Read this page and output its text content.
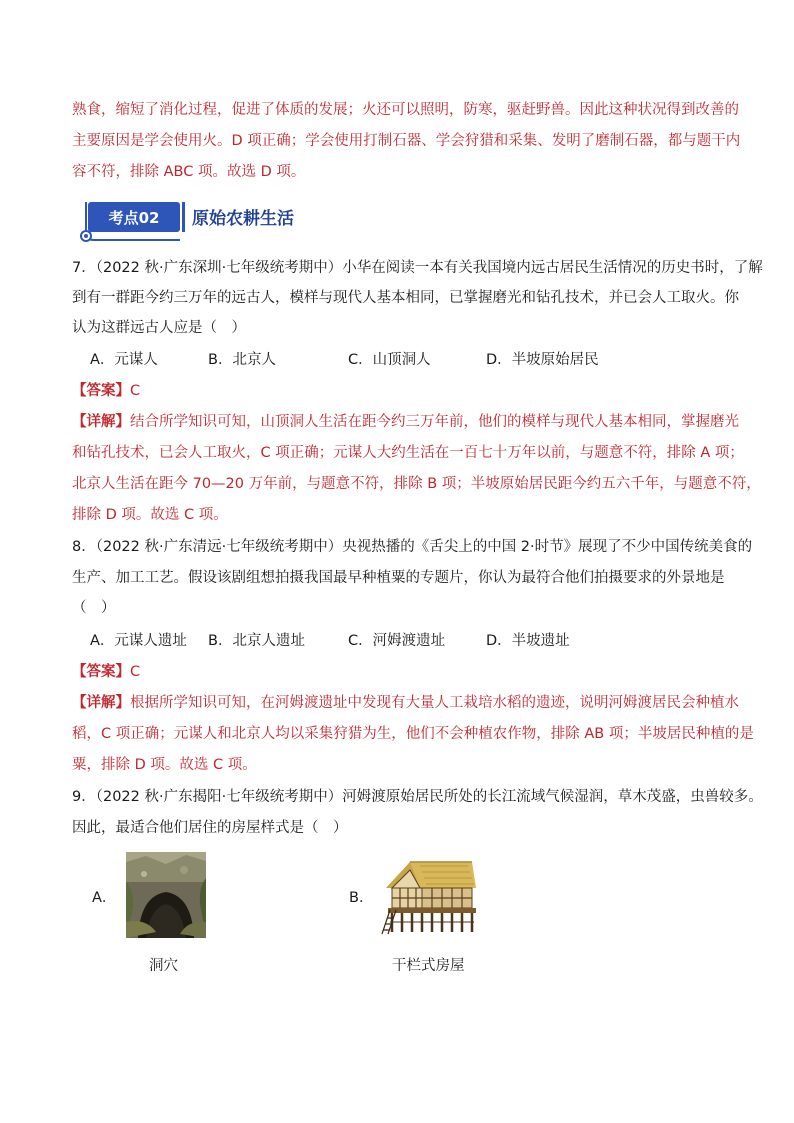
熟食，缩短了消化过程，促进了体质的发展；火还可以照明，防寒，驱赶野兽。因此这种状况得到改善的
主要原因是学会使用火。D 项正确；学会使用打制石器、学会狩猎和采集、发明了磨制石器，都与题干内
容不符，排除 ABC 项。故选 D 项。
考点02	原始农耕生活
7．（2022 秋·广东深圳·七年级统考期中）小华在阅读一本有关我国境内远古居民生活情况的历史书时，了解
到有一群距今约三万年的远古人，模样与现代人基本相同，已掌握磨光和钻孔技术，并已会人工取火。你
认为这群远古人应是（　）
A．元谋人	B．北京人	C．山顶洞人	D．半坡原始居民
【答案】C
【详解】结合所学知识可知，山顶洞人生活在距今约三万年前，他们的模样与现代人基本相同，掌握磨光
和钻孔技术，已会人工取火，C 项正确；元谋人大约生活在一百七十万年以前，与题意不符，排除 A 项；
北京人生活在距今 70—20 万年前，与题意不符，排除 B 项；半坡原始居民距今约五六千年，与题意不符，
排除 D 项。故选 C 项。
8．（2022 秋·广东清远·七年级统考期中）央视热播的《舌尖上的中国 2·时节》展现了不少中国传统美食的
生产、加工工艺。假设该剧组想拍摄我国最早种植粟的专题片，你认为最符合他们拍摄要求的外景地是
（　）
A．元谋人遗址 B．北京人遗址	C．河姆渡遗址	D．半坡遗址
【答案】C
【详解】根据所学知识可知，在河姆渡遗址中发现有大量人工栽培水稻的遗迹，说明河姆渡居民会种植水
稻，C 项正确；元谋人和北京人均以采集狩猎为生，他们不会种植农作物，排除 AB 项；半坡居民种植的是
粟，排除 D 项。故选 C 项。
9．（2022 秋·广东揭阳·七年级统考期中）河姆渡原始居民所处的长江流域气候湿润，草木茂盛，虫兽较多。
因此，最适合他们居住的房屋样式是（　）
A．
洞穴
B．
干栏式房屋
